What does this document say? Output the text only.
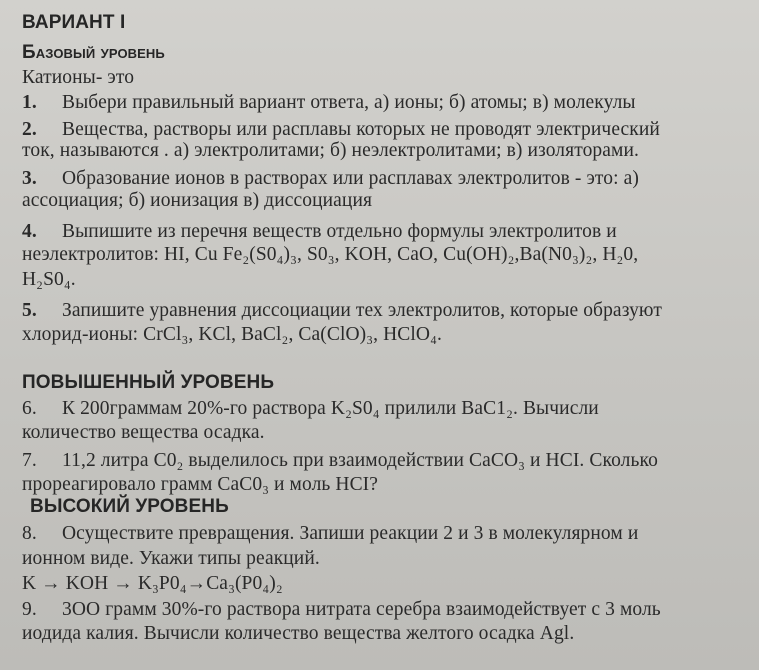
ВАРИАНТ I
Базовый уровень
Катионы- это
1. Выбери правильный вариант ответа, а) ионы; б) атомы; в) молекулы
2. Вещества, растворы или расплавы которых не проводят электрический
ток, называются . а) электролитами; б) неэлектролитами; в) изоляторами.
3. Образование ионов в растворах или расплавах электролитов - это: а)
ассоциация; б) ионизация в) диссоциация
4. Выпишите из перечня веществ отдельно формулы электролитов и
неэлектролитов: HI, Cu Fe₂(S0₄)₃, S0₃, KOH, CaO, Cu(OH)₂,Ba(N0₃)₂, H₂0,
H₂S0₄.
5. Запишите уравнения диссоциации тех электролитов, которые образуют
хлорид-ионы: CrCl₃, KCl, BaCl₂, Ca(ClO)₃, HClO₄.
ПОВЫШЕННЫЙ УРОВЕНЬ
6. К 200граммам 20%-го раствора K₂S0₄ прилили BaC1₂. Вычисли
количество вещества осадка.
7. 11,2 литра C0₂ выделилось при взаимодействии CaCO₃ и HCI. Сколько
прореагировало грамм CaC0₃ и моль HCI?
ВЫСОКИЙ УРОВЕНЬ
8. Осуществите превращения. Запиши реакции 2 и 3 в молекулярном и
ионном виде. Укажи типы реакций.
K → KOH → K₃P0₄→Ca₃(P0₄)₂
9. 3OO грамм 30%-го раствора нитрата серебра взаимодействует с 3 моль
иодида калия. Вычисли количество вещества желтого осадка Agl.
